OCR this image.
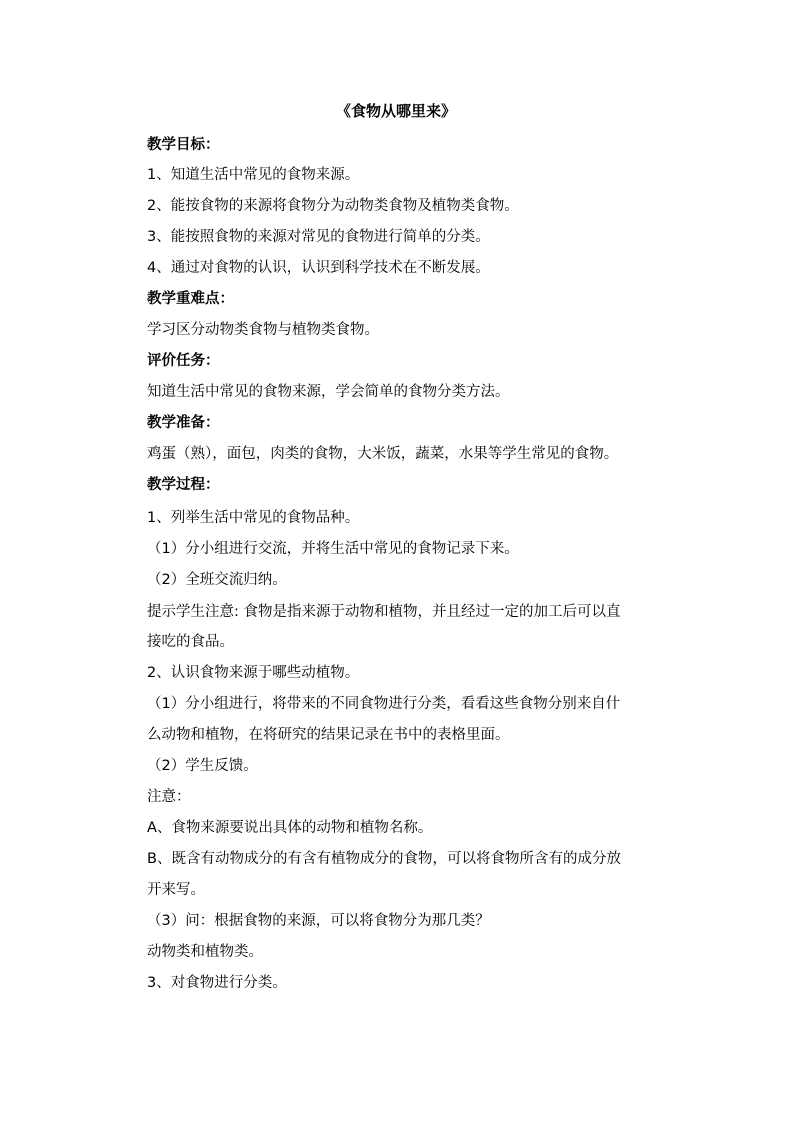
《食物从哪里来》
教学目标：
1、知道生活中常见的食物来源。
2、能按食物的来源将食物分为动物类食物及植物类食物。
3、能按照食物的来源对常见的食物进行简单的分类。
4、通过对食物的认识，认识到科学技术在不断发展。
教学重难点：
学习区分动物类食物与植物类食物。
评价任务：
知道生活中常见的食物来源，学会简单的食物分类方法。
教学准备：
鸡蛋（熟），面包，肉类的食物，大米饭，蔬菜，水果等学生常见的食物。
教学过程：
1、列举生活中常见的食物品种。
（1）分小组进行交流，并将生活中常见的食物记录下来。
（2）全班交流归纳。
提示学生注意: 食物是指来源于动物和植物，并且经过一定的加工后可以直
接吃的食品。
2、认识食物来源于哪些动植物。
（1）分小组进行，将带来的不同食物进行分类，看看这些食物分别来自什
么动物和植物，在将研究的结果记录在书中的表格里面。
（2）学生反馈。
注意：
A、食物来源要说出具体的动物和植物名称。
B、既含有动物成分的有含有植物成分的食物，可以将食物所含有的成分放
开来写。
（3）问：根据食物的来源，可以将食物分为那几类？
动物类和植物类。
3、对食物进行分类。
